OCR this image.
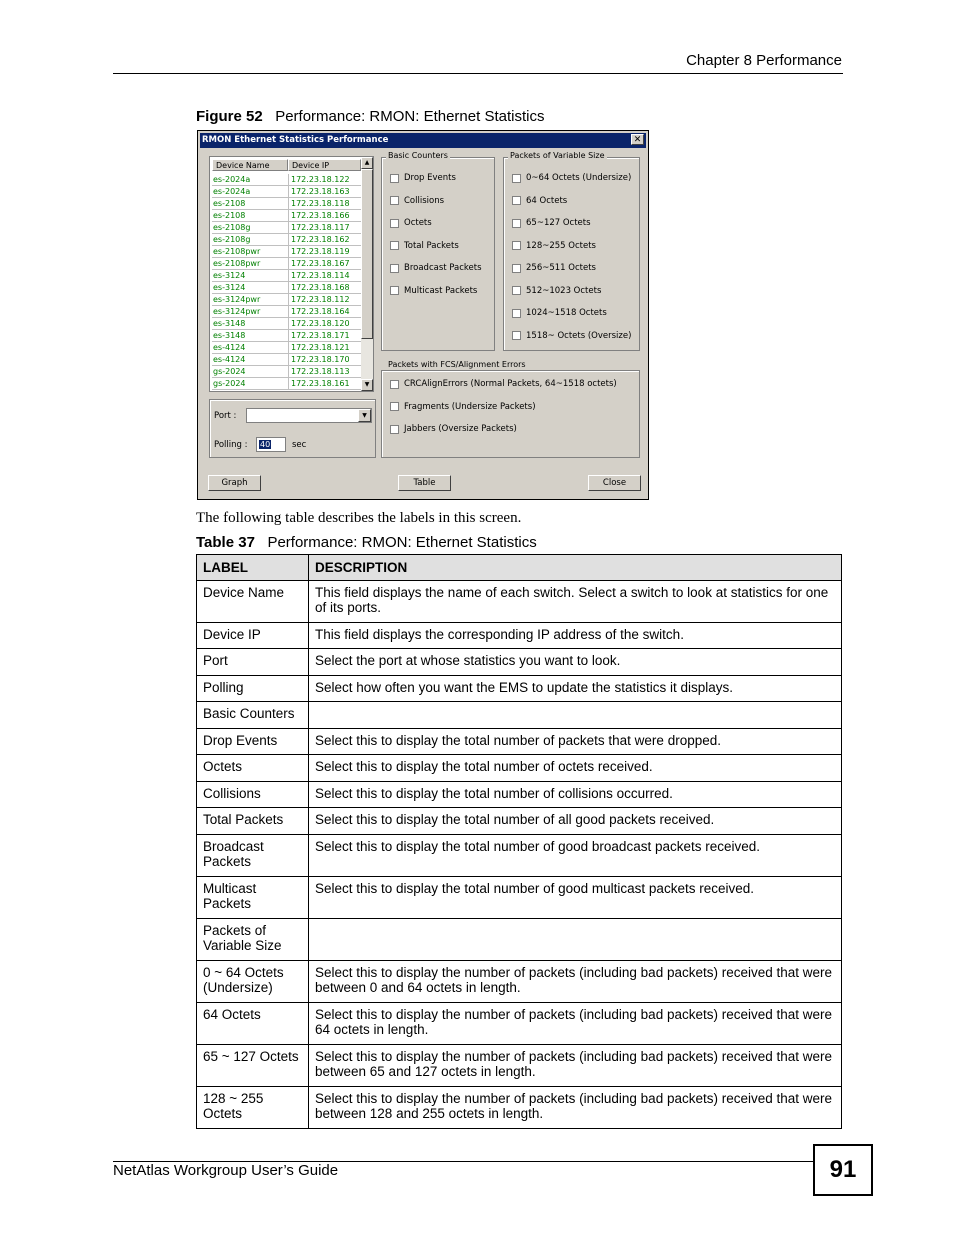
Chapter 8 Performance
Figure 52 Performance: RMON: Ethernet Statistics
RMON Ethernet Statistics Performance	✕
Device Name	Device IP
es-2024a	172.23.18.122
es-2024a	172.23.18.163
es-2108	172.23.18.118
es-2108	172.23.18.166
es-2108g	172.23.18.117
es-2108g	172.23.18.162
es-2108pwr	172.23.18.119
es-2108pwr	172.23.18.167
es-3124	172.23.18.114
es-3124	172.23.18.168
es-3124pwr	172.23.18.112
es-3124pwr	172.23.18.164
es-3148	172.23.18.120
es-3148	172.23.18.171
es-4124	172.23.18.121
es-4124	172.23.18.170
gs-2024	172.23.18.113
gs-2024	172.23.18.161
▲
▼
Port :	▼
Polling :	40	sec
Basic Counters
Drop Events
Collisions
Octets
Total Packets
Broadcast Packets
Multicast Packets
Packets of Variable Size
0~64 Octets (Undersize)
64 Octets
65~127 Octets
128~255 Octets
256~511 Octets
512~1023 Octets
1024~1518 Octets
1518~ Octets (Oversize)
Packets with FCS/Alignment Errors
CRCAlignErrors (Normal Packets, 64~1518 octets)
Fragments (Undersize Packets)
Jabbers (Oversize Packets)
Graph	Table	Close
The following table describes the labels in this screen.
Table 37 Performance: RMON: Ethernet Statistics
LABEL	DESCRIPTION
Device Name	This field displays the name of each switch. Select a switch to look at statistics for one of its ports.
Device IP	This field displays the corresponding IP address of the switch.
Port	Select the port at whose statistics you want to look.
Polling	Select how often you want the EMS to update the statistics it displays.
Basic Counters	
Drop Events	Select this to display the total number of packets that were dropped.
Octets	Select this to display the total number of octets received.
Collisions	Select this to display the total number of collisions occurred.
Total Packets	Select this to display the total number of all good packets received.
Broadcast Packets	Select this to display the total number of good broadcast packets received.
Multicast Packets	Select this to display the total number of good multicast packets received.
Packets of Variable Size	
0 ~ 64 Octets (Undersize)	Select this to display the number of packets (including bad packets) received that were between 0 and 64 octets in length.
64 Octets	Select this to display the number of packets (including bad packets) received that were 64 octets in length.
65 ~ 127 Octets	Select this to display the number of packets (including bad packets) received that were between 65 and 127 octets in length.
128 ~ 255 Octets	Select this to display the number of packets (including bad packets) received that were between 128 and 255 octets in length.
NetAtlas Workgroup User’s Guide	91
